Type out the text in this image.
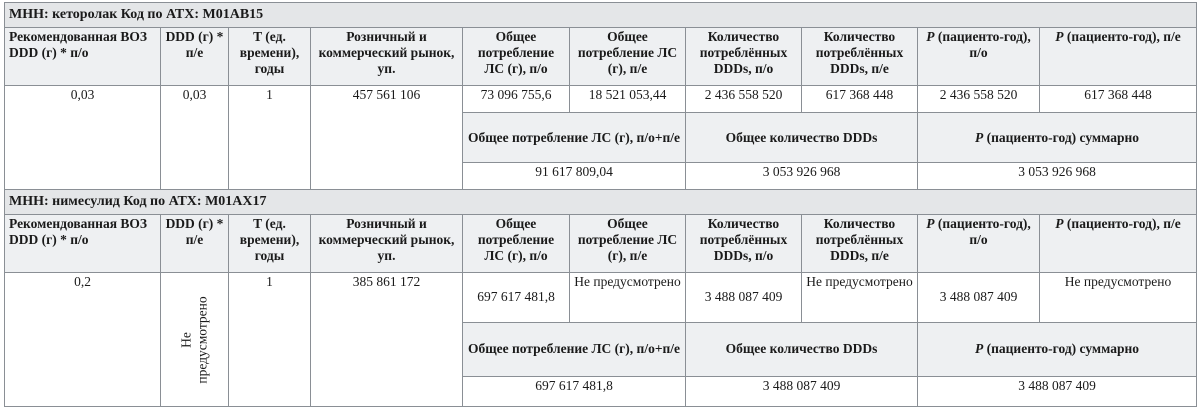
МНН: кеторолак Код по АТХ: M01AB15									
Рекомендованная ВОЗ DDD (г) * п/о	DDD (г) * п/е	T (ед. времени), годы	Розничный и коммерческий рынок, уп.	Общее потребление ЛС (г), п/о	Общее потребление ЛС (г), п/е	Количество потреблённых DDDs, п/о	Количество потреблённых DDDs, п/е	P (пациенто-год), п/о	P (пациенто-год), п/е
0,03	0,03	1	457 561 106	73 096 755,6	18 521 053,44	2 436 558 520	617 368 448	2 436 558 520	617 368 448
				Общее потребление ЛС (г), п/о+п/е		Общее количество DDDs		P (пациенто-год) суммарно	
				91 617 809,04		3 053 926 968		3 053 926 968	
МНН: нимесулид Код по АТХ: M01AX17									
Рекомендованная ВОЗ DDD (г) * п/о	DDD (г) * п/е	T (ед. времени), годы	Розничный и коммерческий рынок, уп.	Общее потребление ЛС (г), п/о	Общее потребление ЛС (г), п/е	Количество потреблённых DDDs, п/о	Количество потреблённых DDDs, п/е	P (пациенто-год), п/о	P (пациенто-год), п/е
0,2	Не предусмотрено	1	385 861 172	697 617 481,8	Не предусмотрено	3 488 087 409	Не предусмотрено	3 488 087 409	Не предусмотрено
				Общее потребление ЛС (г), п/о+п/е		Общее количество DDDs		P (пациенто-год) суммарно	
				697 617 481,8		3 488 087 409		3 488 087 409	
